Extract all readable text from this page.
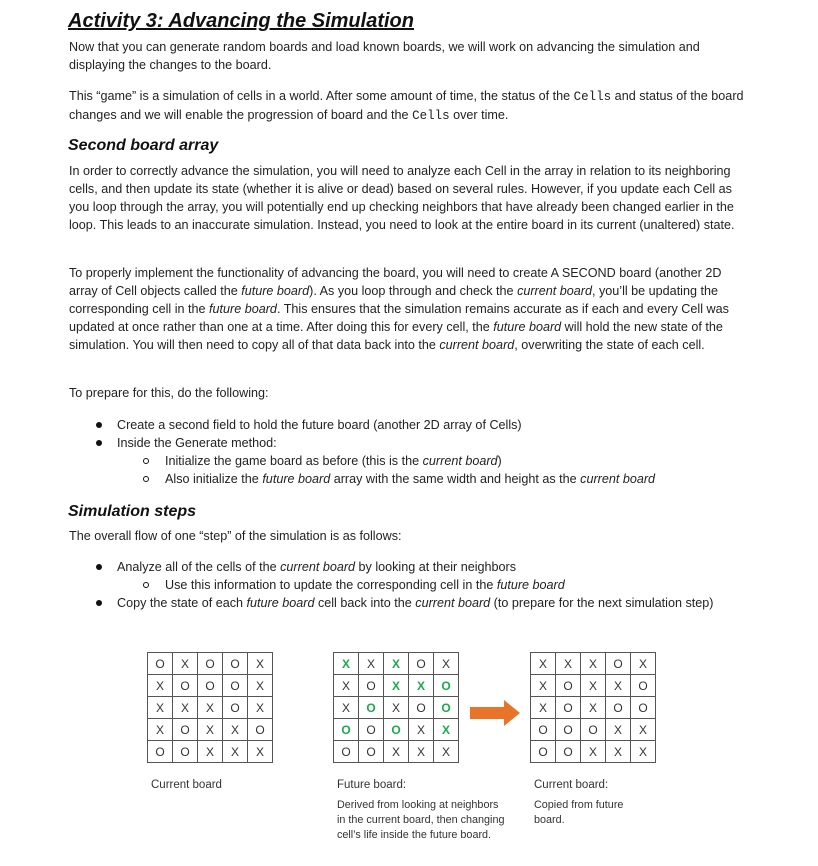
Activity 3: Advancing the Simulation

Now that you can generate random boards and load known boards, we will work on advancing the simulation and displaying the changes to the board.

This “game” is a simulation of cells in a world. After some amount of time, the status of the Cells and status of the board changes and we will enable the progression of board and the Cells over time.

Second board array

In order to correctly advance the simulation, you will need to analyze each Cell in the array in relation to its neighboring cells, and then update its state (whether it is alive or dead) based on several rules. However, if you update each Cell as you loop through the array, you will potentially end up checking neighbors that have already been changed earlier in the loop. This leads to an inaccurate simulation. Instead, you need to look at the entire board in its current (unaltered) state.

To properly implement the functionality of advancing the board, you will need to create A SECOND board (another 2D array of Cell objects called the future board). As you loop through and check the current board, you’ll be updating the corresponding cell in the future board. This ensures that the simulation remains accurate as if each and every Cell was updated at once rather than one at a time. After doing this for every cell, the future board will hold the new state of the simulation. You will then need to copy all of that data back into the current board, overwriting the state of each cell.

To prepare for this, do the following:

Create a second field to hold the future board (another 2D array of Cells)
Inside the Generate method:
Initialize the game board as before (this is the current board)
Also initialize the future board array with the same width and height as the current board
Simulation steps

The overall flow of one “step” of the simulation is as follows:

Analyze all of the cells of the current board by looking at their neighbors
Use this information to update the corresponding cell in the future board
Copy the state of each future board cell back into the current board (to prepare for the next simulation step)
O	X	O	O	X
X	O	O	O	X
X	X	X	O	X
X	O	X	X	O
O	O	X	X	X
Current board
X	X	X	O	X
X	O	X	X	O
X	O	X	O	O
O	O	O	X	X
O	O	X	X	X
Future board:
Derived from looking at neighbors in the current board, then changing cell’s life inside the future board.
X	X	X	O	X
X	O	X	X	O
X	O	X	O	O
O	O	O	X	X
O	O	X	X	X
Current board:
Copied from future board.
